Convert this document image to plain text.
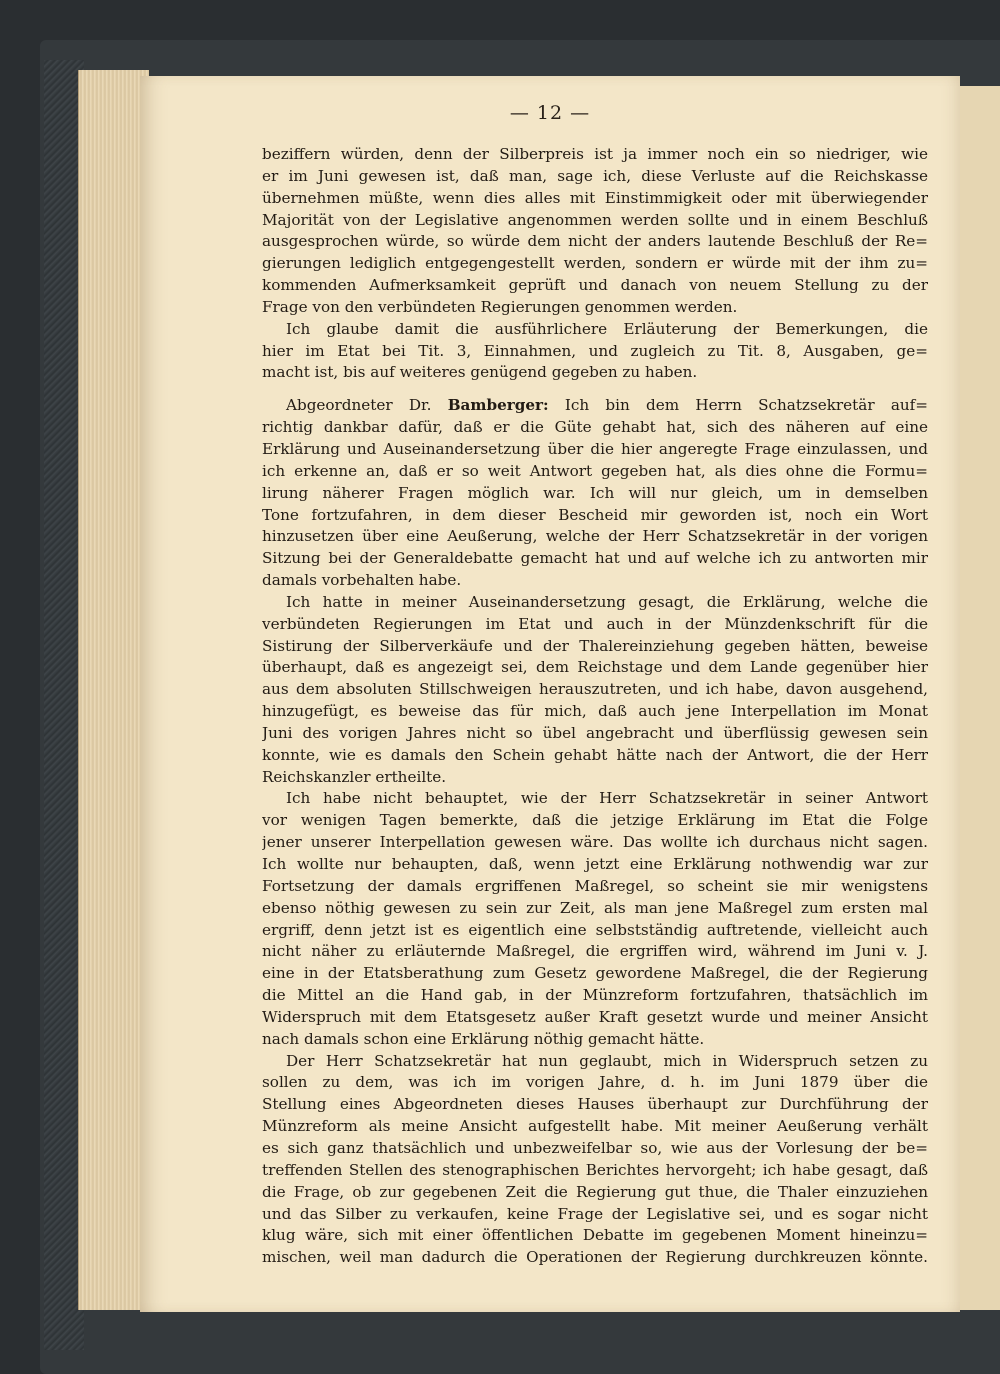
— 12 —
beziffern würden, denn der Silberpreis ist ja immer noch ein so niedriger, wie
er im Juni gewesen ist, daß man, sage ich, diese Verluste auf die Reichskasse
übernehmen müßte, wenn dies alles mit Einstimmigkeit oder mit überwiegender
Majorität von der Legislative angenommen werden sollte und in einem Beschluß
ausgesprochen würde, so würde dem nicht der anders lautende Beschluß der Re=
gierungen lediglich entgegengestellt werden, sondern er würde mit der ihm zu=
kommenden Aufmerksamkeit geprüft und danach von neuem Stellung zu der
Frage von den verbündeten Regierungen genommen werden.
Ich glaube damit die ausführlichere Erläuterung der Bemerkungen, die
hier im Etat bei Tit. 3, Einnahmen, und zugleich zu Tit. 8, Ausgaben, ge=
macht ist, bis auf weiteres genügend gegeben zu haben.
Abgeordneter Dr. Bamberger: Ich bin dem Herrn Schatzsekretär auf=
richtig dankbar dafür, daß er die Güte gehabt hat, sich des näheren auf eine
Erklärung und Auseinandersetzung über die hier angeregte Frage einzulassen, und
ich erkenne an, daß er so weit Antwort gegeben hat, als dies ohne die Formu=
lirung näherer Fragen möglich war. Ich will nur gleich, um in demselben
Tone fortzufahren, in dem dieser Bescheid mir geworden ist, noch ein Wort
hinzusetzen über eine Aeußerung, welche der Herr Schatzsekretär in der vorigen
Sitzung bei der Generaldebatte gemacht hat und auf welche ich zu antworten mir
damals vorbehalten habe.
Ich hatte in meiner Auseinandersetzung gesagt, die Erklärung, welche die
verbündeten Regierungen im Etat und auch in der Münzdenkschrift für die
Sistirung der Silberverkäufe und der Thalereinziehung gegeben hätten, beweise
überhaupt, daß es angezeigt sei, dem Reichstage und dem Lande gegenüber hier
aus dem absoluten Stillschweigen herauszutreten, und ich habe, davon ausgehend,
hinzugefügt, es beweise das für mich, daß auch jene Interpellation im Monat
Juni des vorigen Jahres nicht so übel angebracht und überflüssig gewesen sein
konnte, wie es damals den Schein gehabt hätte nach der Antwort, die der Herr
Reichskanzler ertheilte.
Ich habe nicht behauptet, wie der Herr Schatzsekretär in seiner Antwort
vor wenigen Tagen bemerkte, daß die jetzige Erklärung im Etat die Folge
jener unserer Interpellation gewesen wäre. Das wollte ich durchaus nicht sagen.
Ich wollte nur behaupten, daß, wenn jetzt eine Erklärung nothwendig war zur
Fortsetzung der damals ergriffenen Maßregel, so scheint sie mir wenigstens
ebenso nöthig gewesen zu sein zur Zeit, als man jene Maßregel zum ersten mal
ergriff, denn jetzt ist es eigentlich eine selbstständig auftretende, vielleicht auch
nicht näher zu erläuternde Maßregel, die ergriffen wird, während im Juni v. J.
eine in der Etatsberathung zum Gesetz gewordene Maßregel, die der Regierung
die Mittel an die Hand gab, in der Münzreform fortzufahren, thatsächlich im
Widerspruch mit dem Etatsgesetz außer Kraft gesetzt wurde und meiner Ansicht
nach damals schon eine Erklärung nöthig gemacht hätte.
Der Herr Schatzsekretär hat nun geglaubt, mich in Widerspruch setzen zu
sollen zu dem, was ich im vorigen Jahre, d. h. im Juni 1879 über die
Stellung eines Abgeordneten dieses Hauses überhaupt zur Durchführung der
Münzreform als meine Ansicht aufgestellt habe. Mit meiner Aeußerung verhält
es sich ganz thatsächlich und unbezweifelbar so, wie aus der Vorlesung der be=
treffenden Stellen des stenographischen Berichtes hervorgeht; ich habe gesagt, daß
die Frage, ob zur gegebenen Zeit die Regierung gut thue, die Thaler einzuziehen
und das Silber zu verkaufen, keine Frage der Legislative sei, und es sogar nicht
klug wäre, sich mit einer öffentlichen Debatte im gegebenen Moment hineinzu=
mischen, weil man dadurch die Operationen der Regierung durchkreuzen könnte.
